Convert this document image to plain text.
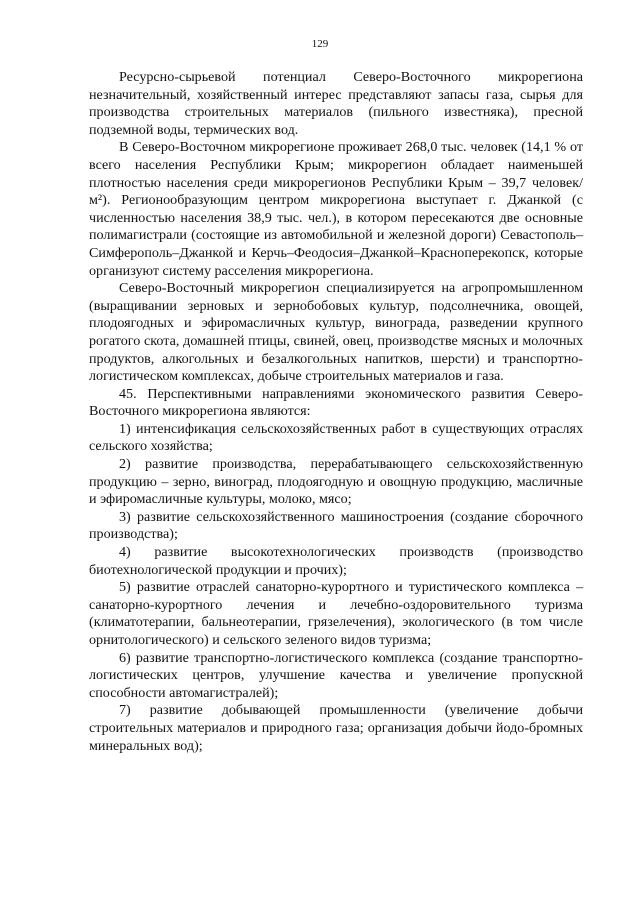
129

Ресурсно-сырьевой потенциал Северо-Восточного микрорегиона незначительный, хозяйственный интерес представляют запасы газа, сырья для производства строительных материалов (пильного известняка), пресной подземной воды, термических вод.

В Северо-Восточном микрорегионе проживает 268,0 тыс. человек (14,1 % от всего населения Республики Крым; микрорегион обладает наименьшей плотностью населения среди микрорегионов Республики Крым – 39,7 человек/м²). Регионообразующим центром микрорегиона выступает г. Джанкой (с численностью населения 38,9 тыс. чел.), в котором пересекаются две основные полимагистрали (состоящие из автомобильной и железной дороги) Севастополь–Симферополь–Джанкой и Керчь–Феодосия–Джанкой–Красноперекопск, которые организуют систему расселения микрорегиона.

Северо-Восточный микрорегион специализируется на агропромышленном (выращивании зерновых и зернобобовых культур, подсолнечника, овощей, плодоягодных и эфиромасличных культур, винограда, разведении крупного рогатого скота, домашней птицы, свиней, овец, производстве мясных и молочных продуктов, алкогольных и безалкогольных напитков, шерсти) и транспортно-логистическом комплексах, добыче строительных материалов и газа.

45. Перспективными направлениями экономического развития Северо-Восточного микрорегиона являются:

1) интенсификация сельскохозяйственных работ в существующих отраслях сельского хозяйства;

2) развитие производства, перерабатывающего сельскохозяйственную продукцию – зерно, виноград, плодоягодную и овощную продукцию, масличные и эфиромасличные культуры, молоко, мясо;

3) развитие сельскохозяйственного машиностроения (создание сборочного производства);

4) развитие высокотехнологических производств (производство биотехнологической продукции и прочих);

5) развитие отраслей санаторно-курортного и туристического комплекса – санаторно-курортного лечения и лечебно-оздоровительного туризма (климатотерапии, бальнеотерапии, грязелечения), экологического (в том числе орнитологического) и сельского зеленого видов туризма;

6) развитие транспортно-логистического комплекса (создание транспортно-логистических центров, улучшение качества и увеличение пропускной способности автомагистралей);

7) развитие добывающей промышленности (увеличение добычи строительных материалов и природного газа; организация добычи йодо-бромных минеральных вод);
